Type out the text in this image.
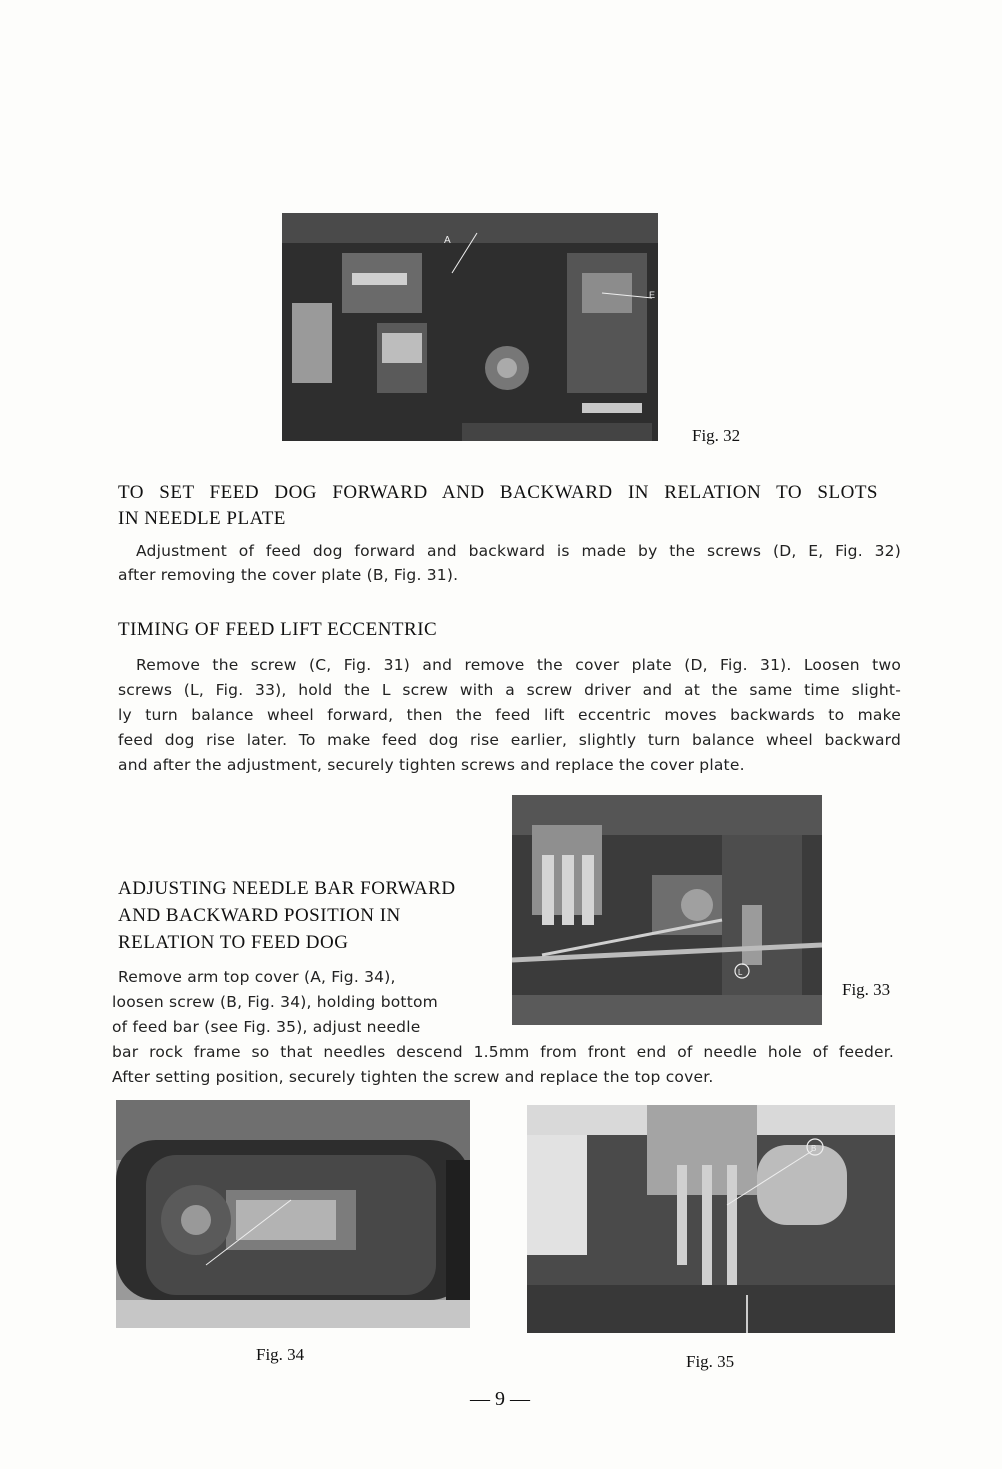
A
E
Fig. 32
TO SET FEED DOG FORWARD AND BACKWARD IN RELATION TO SLOTS
IN NEEDLE PLATE
Adjustment of feed dog forward and backward is made by the screws (D, E, Fig. 32)
after removing the cover plate (B, Fig. 31).
TIMING OF FEED LIFT ECCENTRIC
Remove the screw (C, Fig. 31) and remove the cover plate (D, Fig. 31). Loosen two
screws (L, Fig. 33), hold the L screw with a screw driver and at the same time slight-
ly turn balance wheel forward, then the feed lift eccentric moves backwards to make
feed dog rise later. To make feed dog rise earlier, slightly turn balance wheel backward
and after the adjustment, securely tighten screws and replace the cover plate.
L
Fig. 33
ADJUSTING NEEDLE BAR FORWARD
AND BACKWARD POSITION IN
RELATION TO FEED DOG
Remove arm top cover (A, Fig. 34),
loosen screw (B, Fig. 34), holding bottom
of feed bar (see Fig. 35), adjust needle
bar rock frame so that needles descend 1.5mm from front end of needle hole of feeder.
After setting position, securely tighten the screw and replace the top cover.
Fig. 34
B
Fig. 35
— 9 —
